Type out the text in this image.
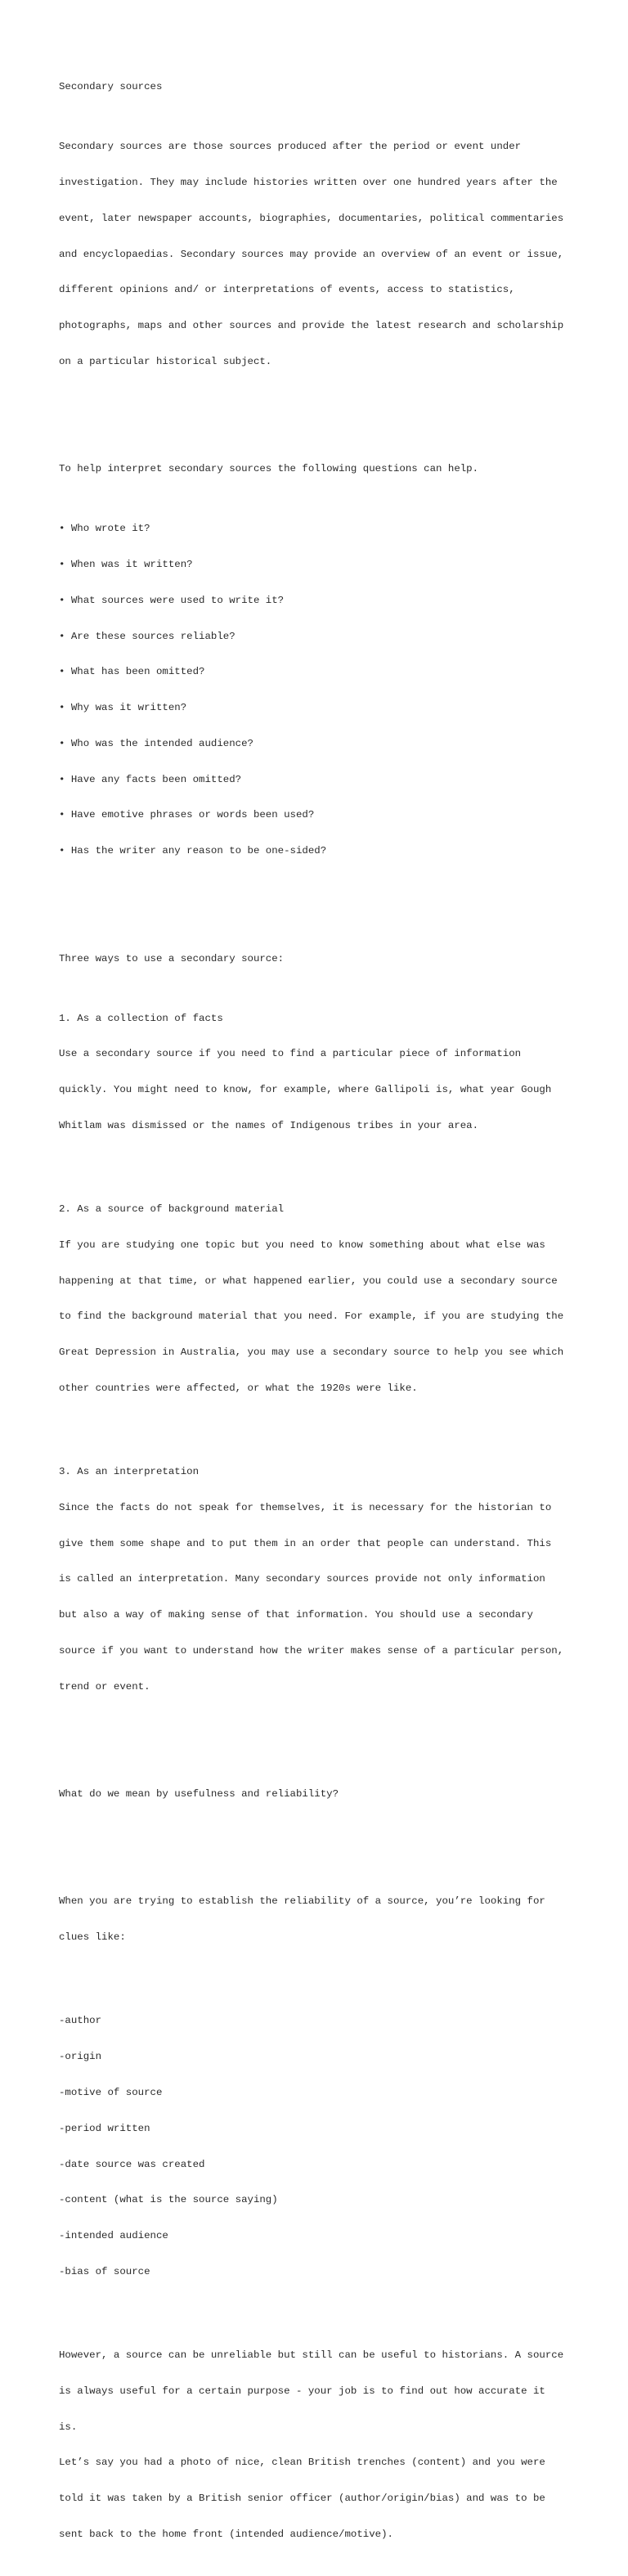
Secondary sources

Secondary sources are those sources produced after the period or event under

investigation. They may include histories written over one hundred years after the

event, later newspaper accounts, biographies, documentaries, political commentaries

and encyclopaedias. Secondary sources may provide an overview of an event or issue,

different opinions and/ or interpretations of events, access to statistics,

photographs, maps and other sources and provide the latest research and scholarship

on a particular historical subject.

To help interpret secondary sources the following questions can help.

• Who wrote it?

• When was it written?

• What sources were used to write it?

• Are these sources reliable?

• What has been omitted?

• Why was it written?

• Who was the intended audience?

• Have any facts been omitted?

• Have emotive phrases or words been used?

• Has the writer any reason to be one-sided?

Three ways to use a secondary source:

1. As a collection of facts

Use a secondary source if you need to find a particular piece of information

quickly. You might need to know, for example, where Gallipoli is, what year Gough

Whitlam was dismissed or the names of Indigenous tribes in your area.

2. As a source of background material

If you are studying one topic but you need to know something about what else was

happening at that time, or what happened earlier, you could use a secondary source

to find the background material that you need. For example, if you are studying the

Great Depression in Australia, you may use a secondary source to help you see which

other countries were affected, or what the 1920s were like.

3. As an interpretation

Since the facts do not speak for themselves, it is necessary for the historian to

give them some shape and to put them in an order that people can understand. This

is called an interpretation. Many secondary sources provide not only information

but also a way of making sense of that information. You should use a secondary

source if you want to understand how the writer makes sense of a particular person,

trend or event.

What do we mean by usefulness and reliability?

When you are trying to establish the reliability of a source, you’re looking for

clues like:

-author

-origin

-motive of source

-period written

-date source was created

-content (what is the source saying)

-intended audience

-bias of source

However, a source can be unreliable but still can be useful to historians. A source

is always useful for a certain purpose - your job is to find out how accurate it

is.

Let’s say you had a photo of nice, clean British trenches (content) and you were

told it was taken by a British senior officer (author/origin/bias) and was to be

sent back to the home front (intended audience/motive).
